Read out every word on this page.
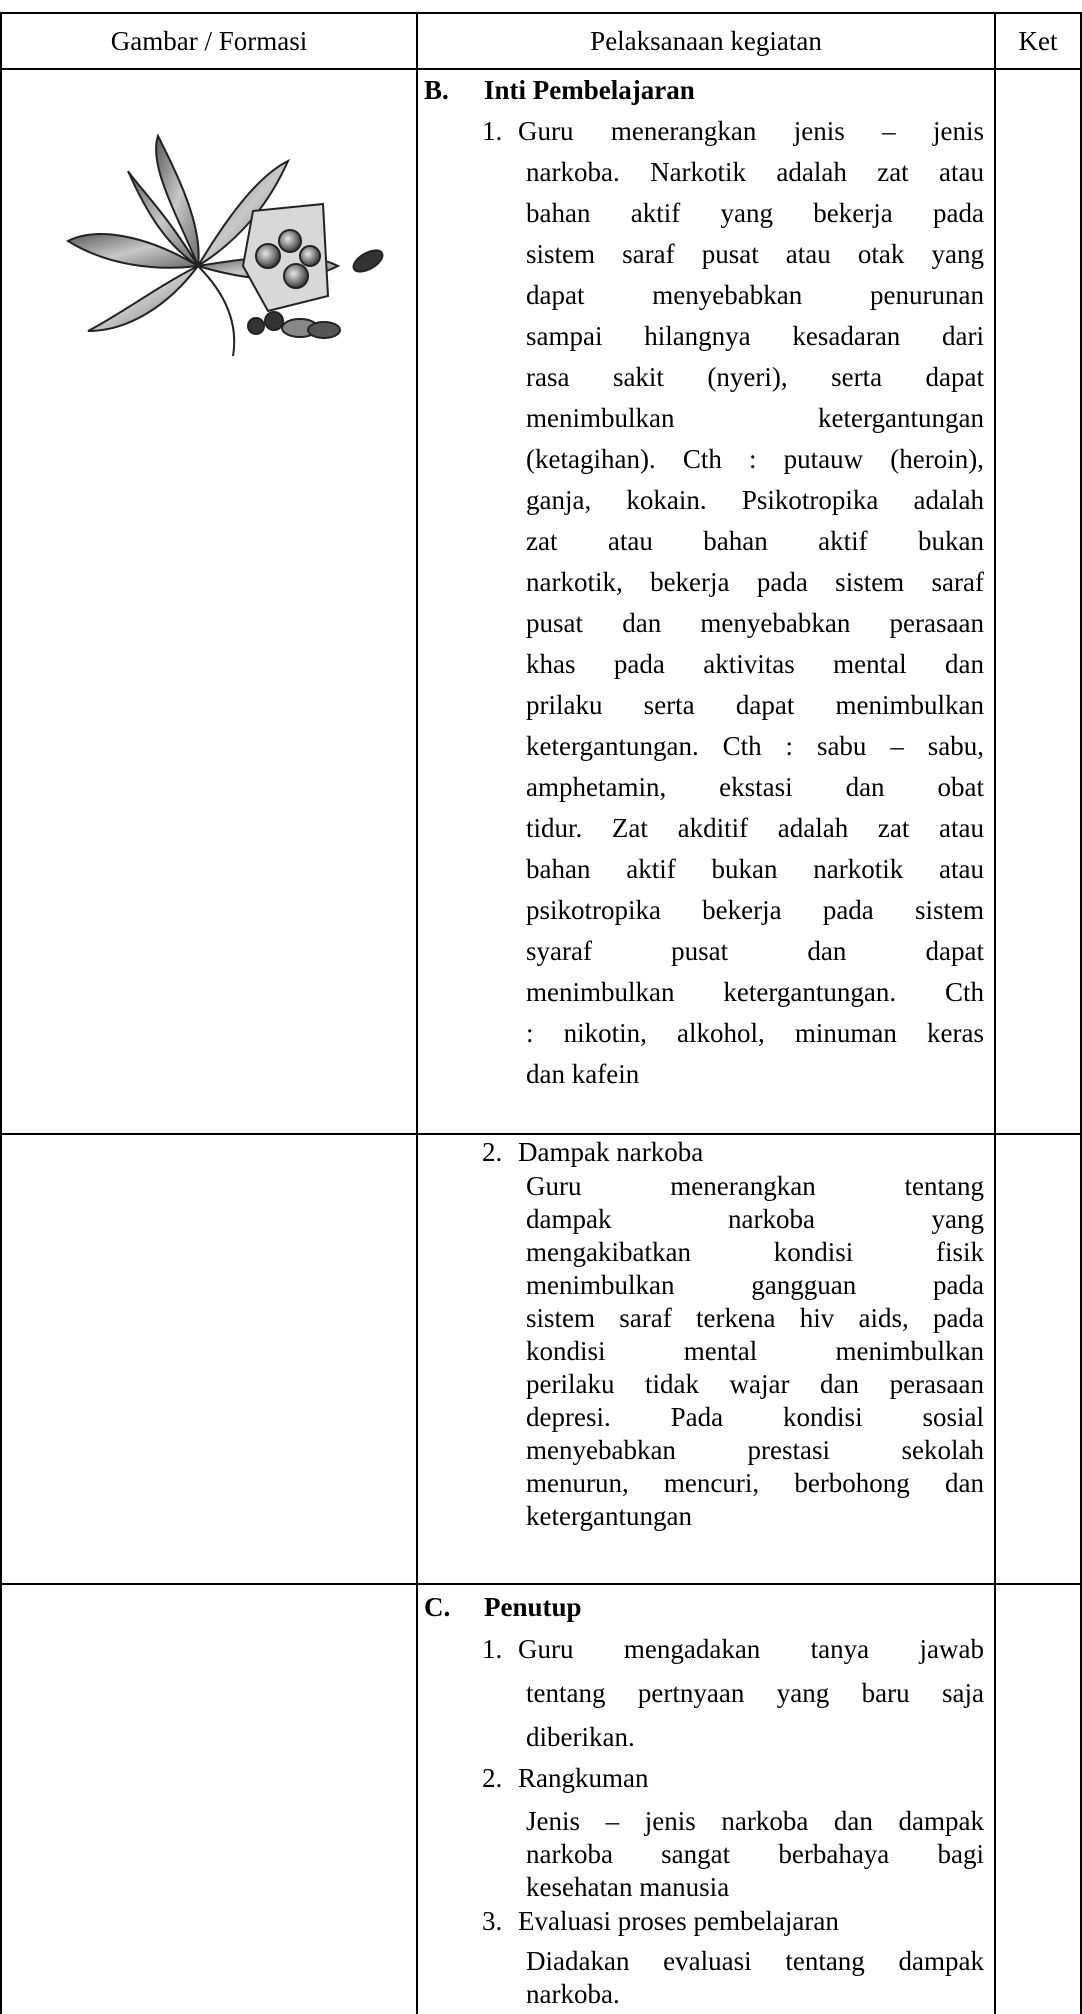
Gambar / Formasi	Pelaksanaan kegiatan	Ket
B. Inti Pembelajaran
1. Guru menerangkan jenis – jenis
narkoba. Narkotik adalah zat atau
bahan aktif yang bekerja pada
sistem saraf pusat atau otak yang
dapat menyebabkan penurunan
sampai hilangnya kesadaran dari
rasa sakit (nyeri), serta dapat
menimbulkan ketergantungan
(ketagihan). Cth : putauw (heroin),
ganja, kokain. Psikotropika adalah
zat atau bahan aktif bukan
narkotik, bekerja pada sistem saraf
pusat dan menyebabkan perasaan
khas pada aktivitas mental dan
prilaku serta dapat menimbulkan
ketergantungan. Cth : sabu – sabu,
amphetamin, ekstasi dan obat
tidur. Zat akditif adalah zat atau
bahan aktif bukan narkotik atau
psikotropika bekerja pada sistem
syaraf pusat dan dapat
menimbulkan ketergantungan. Cth
: nikotin, alkohol, minuman keras
dan kafein
2. Dampak narkoba
Guru menerangkan tentang
dampak narkoba yang
mengakibatkan kondisi fisik
menimbulkan gangguan pada
sistem saraf terkena hiv aids, pada
kondisi mental menimbulkan
perilaku tidak wajar dan perasaan
depresi. Pada kondisi sosial
menyebabkan prestasi sekolah
menurun, mencuri, berbohong dan
ketergantungan
C. Penutup
1. Guru mengadakan tanya jawab
tentang pertnyaan yang baru saja
diberikan.
2. Rangkuman
Jenis – jenis narkoba dan dampak
narkoba sangat berbahaya bagi
kesehatan manusia
3. Evaluasi proses pembelajaran
Diadakan evaluasi tentang dampak
narkoba.
